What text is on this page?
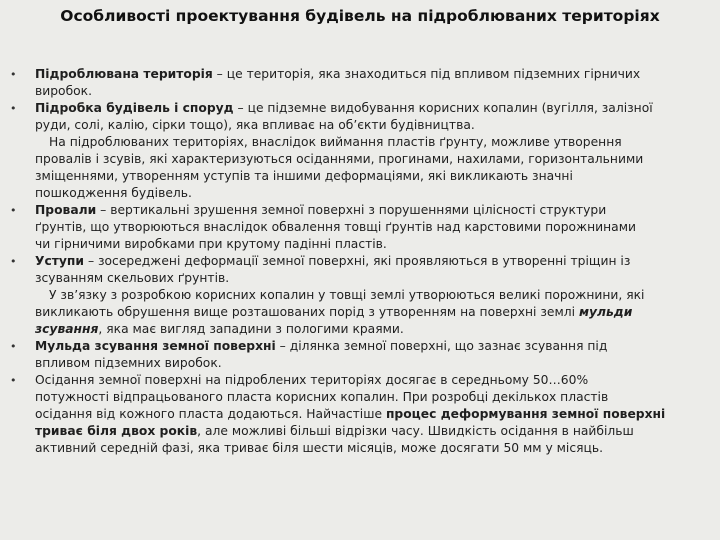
Особливості проектування будівель на підроблюваних територіях
• Підроблювана територія – це територія, яка знаходиться під впливом підземних гірничих
виробок.
• Підробка будівель і споруд – це підземне видобування корисних копалин (вугілля, залізної
руди, солі, калію, сірки тощо), яка впливає на об’єкти будівництва.
На підроблюваних територіях, внаслідок виймання пластів ґрунту, можливе утворення
провалів і зсувів, які характеризуються осіданнями, прогинами, нахилами, горизонтальними
зміщеннями, утворенням уступів та іншими деформаціями, які викликають значні
пошкодження будівель.
• Провали – вертикальні зрушення земної поверхні з порушеннями цілісності структури
ґрунтів, що утворюються внаслідок обвалення товщі ґрунтів над карстовими порожнинами
чи гірничими виробками при крутому падінні пластів.
• Уступи – зосереджені деформації земної поверхні, які проявляються в утворенні тріщин із
зсуванням скельових ґрунтів.
У зв’язку з розробкою корисних копалин у товщі землі утворюються великі порожнини, які
викликають обрушення вище розташованих порід з утворенням на поверхні землі мульди
зсування, яка має вигляд западини з пологими краями.
• Мульда зсування земної поверхні – ділянка земної поверхні, що зазнає зсування під
впливом підземних виробок.
• Осідання земної поверхні на підроблених територіях досягає в середньому 50…60%
потужності відпрацьованого пласта корисних копалин. При розробці декількох пластів
осідання від кожного пласта додаються. Найчастіше процес деформування земної поверхні
триває біля двох років, але можливі більші відрізки часу. Швидкість осідання в найбільш
активний середній фазі, яка триває біля шести місяців, може досягати 50 мм у місяць.
